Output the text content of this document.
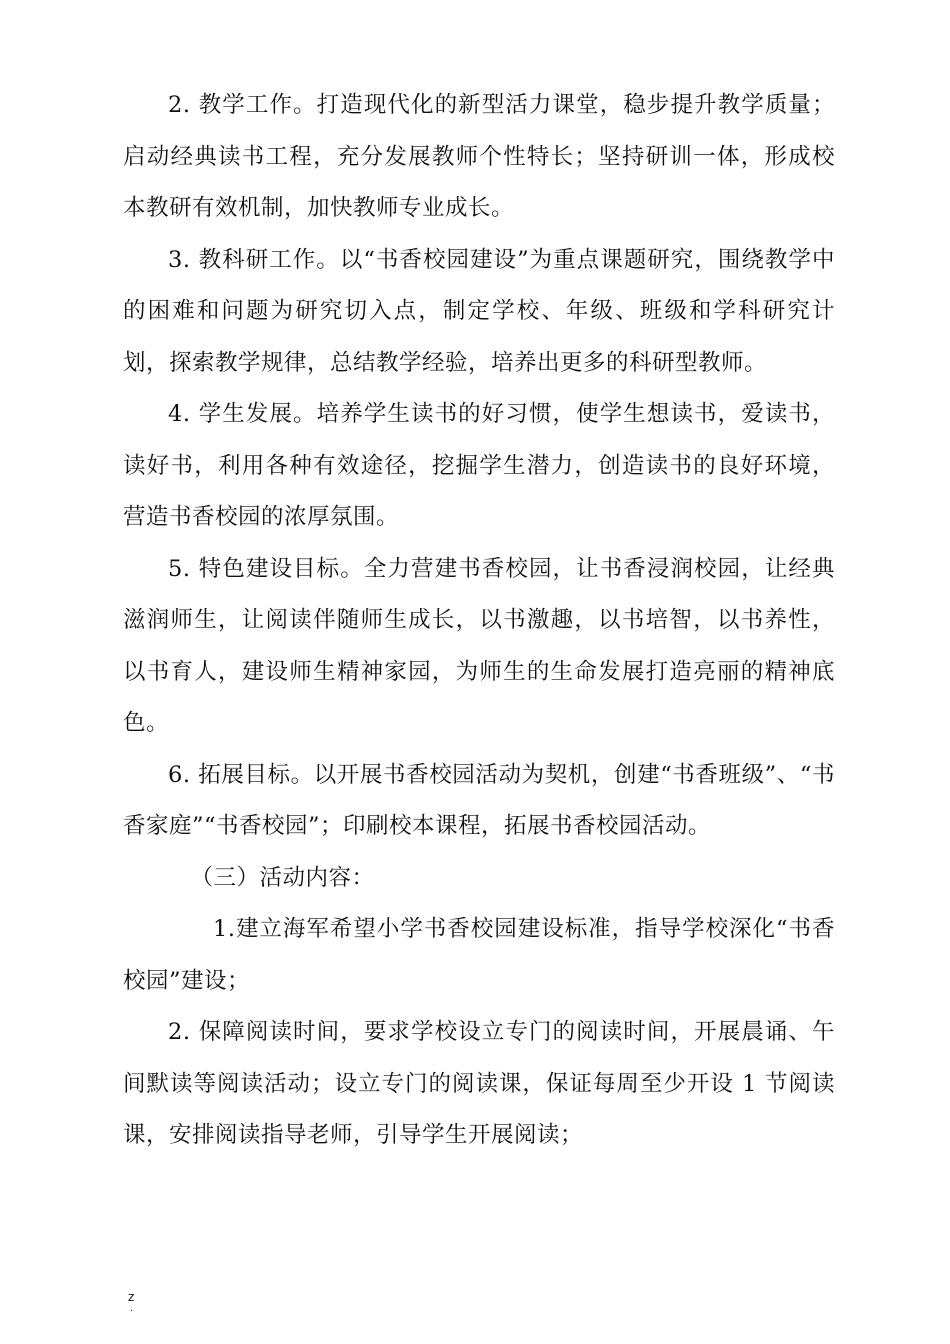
2. 教学工作。打造现代化的新型活力课堂，稳步提升教学质量；启动经典读书工程，充分发展教师个性特长；坚持研训一体，形成校本教研有效机制，加快教师专业成长。

3. 教科研工作。以“书香校园建设”为重点课题研究，围绕教学中的困难和问题为研究切入点，制定学校、年级、班级和学科研究计划，探索教学规律，总结教学经验，培养出更多的科研型教师。

4. 学生发展。培养学生读书的好习惯，使学生想读书，爱读书，读好书，利用各种有效途径，挖掘学生潜力，创造读书的良好环境，营造书香校园的浓厚氛围。

5. 特色建设目标。全力营建书香校园，让书香浸润校园，让经典滋润师生，让阅读伴随师生成长，以书激趣，以书培智，以书养性，以书育人，建设师生精神家园，为师生的生命发展打造亮丽的精神底色。

6. 拓展目标。以开展书香校园活动为契机，创建“书香班级”、“书香家庭”“书香校园”；印刷校本课程，拓展书香校园活动。

（三）活动内容：

1.建立海军希望小学书香校园建设标准，指导学校深化“书香校园”建设；

2. 保障阅读时间，要求学校设立专门的阅读时间，开展晨诵、午间默读等阅读活动；设立专门的阅读课，保证每周至少开设 1 节阅读课，安排阅读指导老师，引导学生开展阅读；

z
.
